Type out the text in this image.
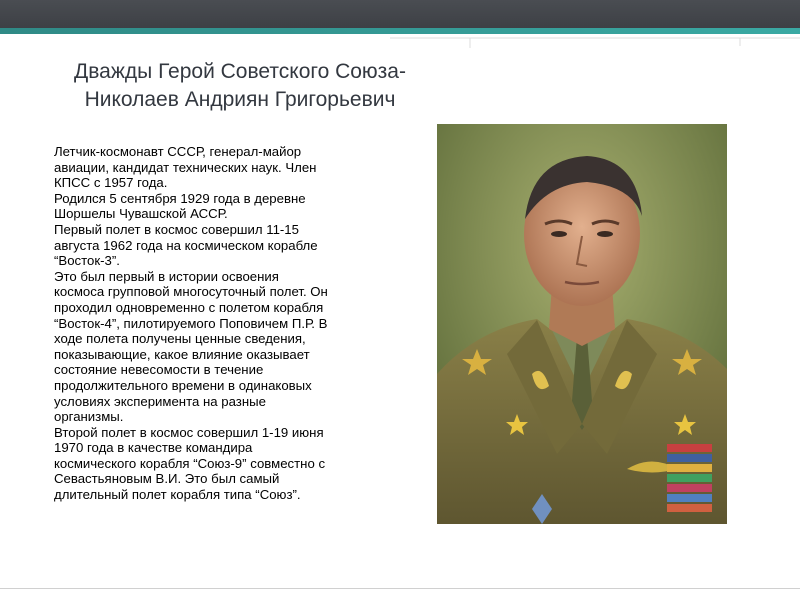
Дважды Герой Советского Союза-
Николаев Андриян Григорьевич
Летчик-космонавт СССР, генерал-майор
авиации, кандидат технических наук. Член
КПСС с 1957 года.
Родился 5 сентября 1929 года в деревне
Шоршелы Чувашской АССР.
Первый полет в космос совершил 11-15
августа 1962 года на космическом корабле
“Восток-3”.
Это был первый в истории освоения
космоса групповой многосуточный полет. Он
проходил одновременно с полетом корабля
“Восток-4”, пилотируемого Поповичем П.Р. В
ходе полета получены ценные сведения,
показывающие, какое влияние оказывает
состояние невесомости в течение
продолжительного времени в одинаковых
условиях эксперимента на разные
организмы.
Второй полет в космос совершил 1-19 июня
1970 года в качестве командира
космического корабля “Союз-9” совместно с
Севастьяновым В.И. Это был самый
длительный полет корабля типа “Союз”.
